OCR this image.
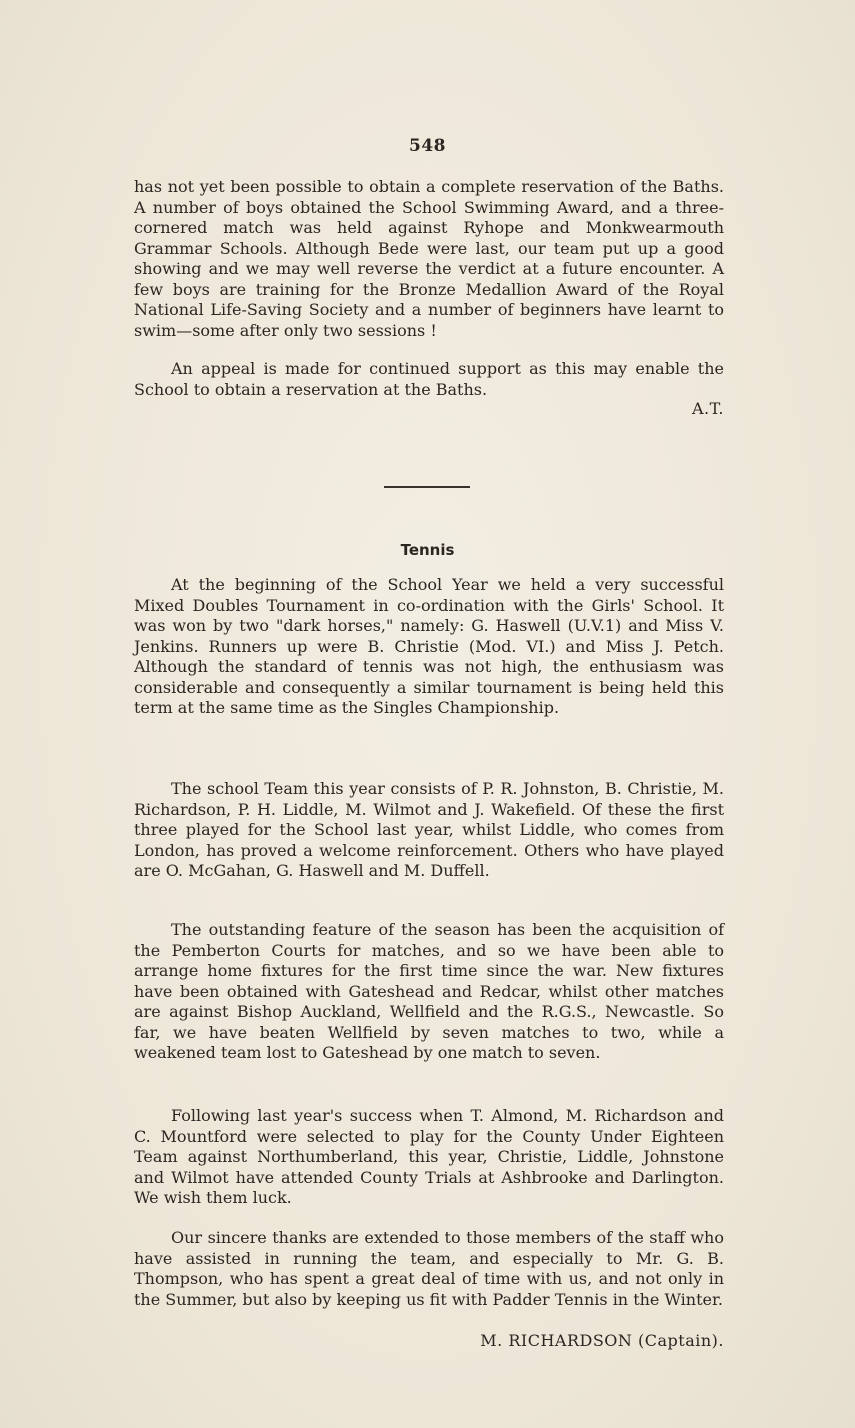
548

has not yet been possible to obtain a complete reservation of the Baths. A number of boys obtained the School Swimming Award, and a three-cornered match was held against Ryhope and Monkwearmouth Grammar Schools. Although Bede were last, our team put up a good showing and we may well reverse the verdict at a future encounter. A few boys are training for the Bronze Medallion Award of the Royal National Life-Saving Society and a number of beginners have learnt to swim—some after only two sessions !

An appeal is made for continued support as this may enable the School to obtain a reservation at the Baths.

A.T.
Tennis

At the beginning of the School Year we held a very successful Mixed Doubles Tournament in co-ordination with the Girls' School. It was won by two "dark horses," namely: G. Haswell (U.V.1) and Miss V. Jenkins. Runners up were B. Christie (Mod. VI.) and Miss J. Petch. Although the standard of tennis was not high, the enthusiasm was considerable and consequently a similar tournament is being held this term at the same time as the Singles Championship.

The school Team this year consists of P. R. Johnston, B. Christie, M. Richardson, P. H. Liddle, M. Wilmot and J. Wakefield. Of these the first three played for the School last year, whilst Liddle, who comes from London, has proved a welcome reinforcement. Others who have played are O. McGahan, G. Haswell and M. Duffell.

The outstanding feature of the season has been the acquisition of the Pemberton Courts for matches, and so we have been able to arrange home fixtures for the first time since the war. New fixtures have been obtained with Gateshead and Redcar, whilst other matches are against Bishop Auckland, Wellfield and the R.G.S., Newcastle. So far, we have beaten Wellfield by seven matches to two, while a weakened team lost to Gateshead by one match to seven.

Following last year's success when T. Almond, M. Richardson and C. Mountford were selected to play for the County Under Eighteen Team against Northumberland, this year, Christie, Liddle, Johnstone and Wilmot have attended County Trials at Ashbrooke and Darlington. We wish them luck.

Our sincere thanks are extended to those members of the staff who have assisted in running the team, and especially to Mr. G. B. Thompson, who has spent a great deal of time with us, and not only in the Summer, but also by keeping us fit with Padder Tennis in the Winter.

M. RICHARDSON (Captain).
